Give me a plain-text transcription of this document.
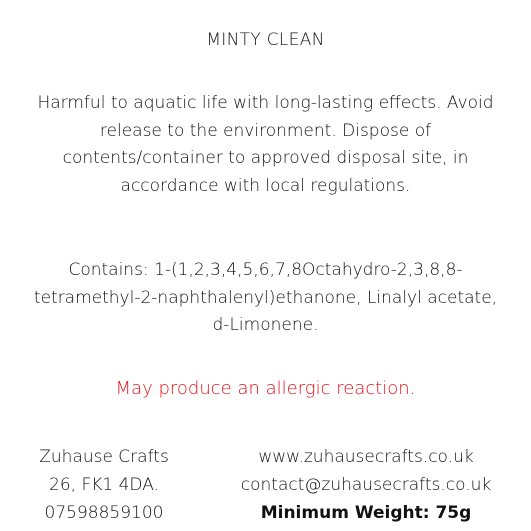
MINTY CLEAN
Harmful to aquatic life with long-lasting effects. Avoid
release to the environment. Dispose of
contents/container to approved disposal site, in
accordance with local regulations.
Contains: 1-(1,2,3,4,5,6,7,8Octahydro-2,3,8,8-
tetramethyl-2-naphthalenyl)ethanone, Linalyl acetate,
d-Limonene.
May produce an allergic reaction.
Zuhause Crafts
26, FK1 4DA.
07598859100
www.zuhausecrafts.co.uk
contact@zuhausecrafts.co.uk
Minimum Weight: 75g
